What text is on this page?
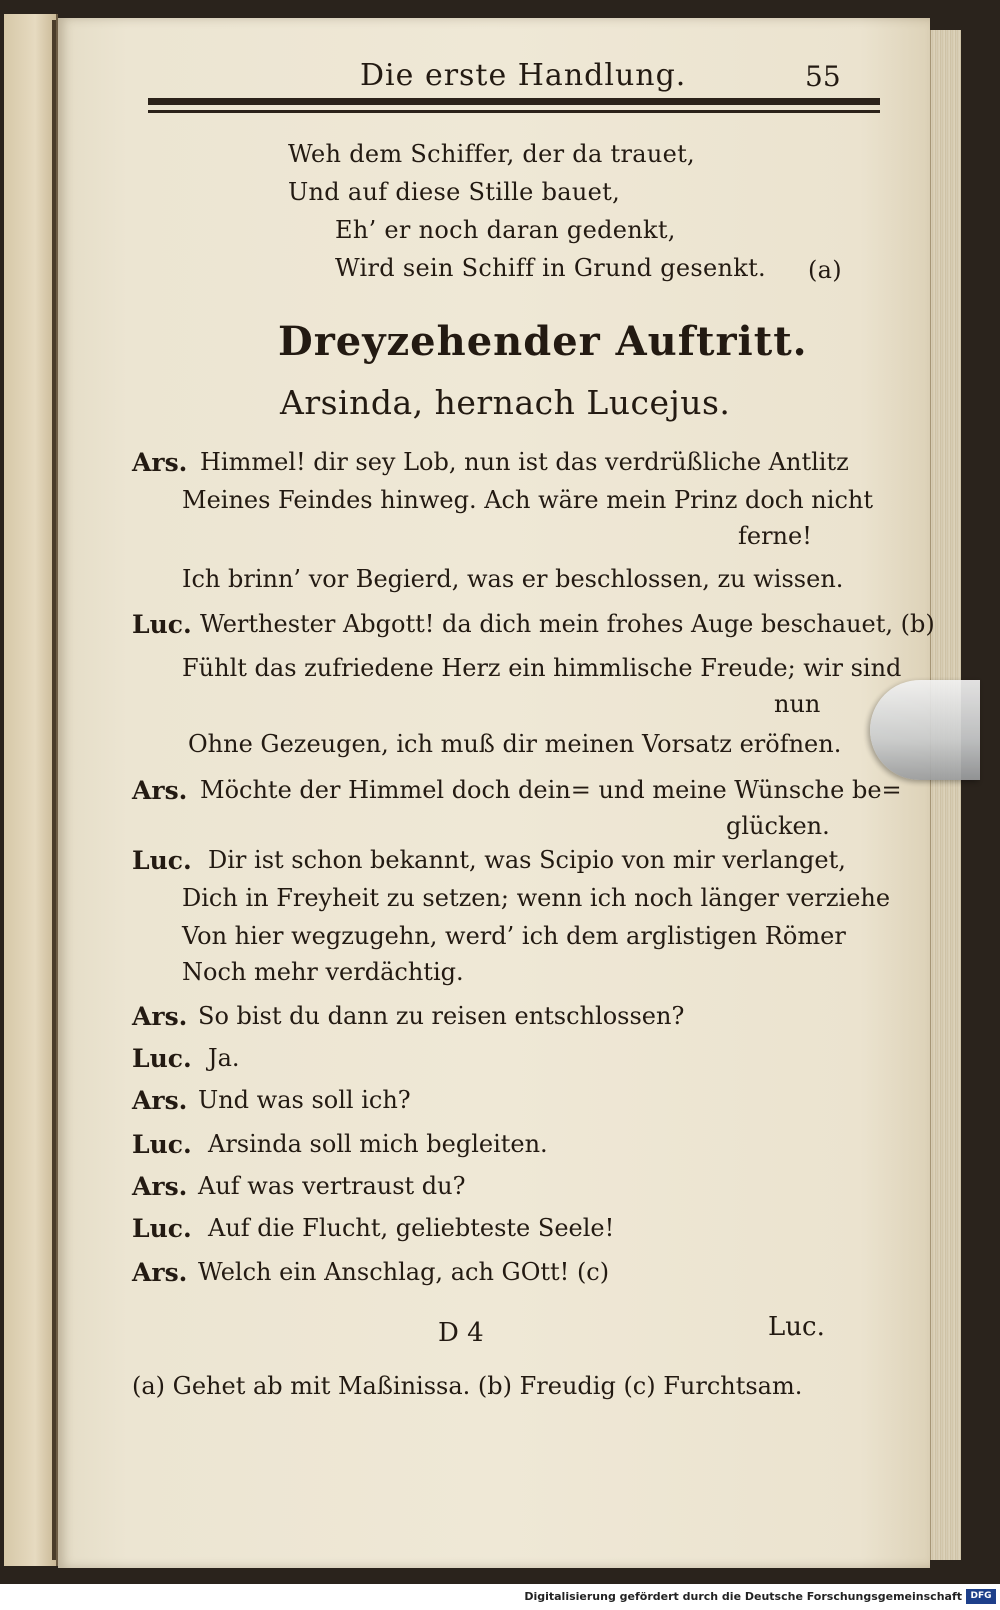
Die erste Handlung.	55
Weh dem Schiffer, der da trauet,
Und auf diese Stille bauet,
Eh’ er noch daran gedenkt,
Wird sein Schiff in Grund gesenkt. (a)
Dreyzehender Auftritt.
Arsinda, hernach Lucejus.
Ars. Himmel! dir sey Lob, nun ist das verdrüßliche Antlitz
Meines Feindes hinweg. Ach wäre mein Prinz doch nicht
ferne!
Ich brinn’ vor Begierd, was er beschlossen, zu wissen.
Luc. Werthester Abgott! da dich mein frohes Auge beschauet, (b)
Fühlt das zufriedene Herz ein himmlische Freude; wir sind
nun
Ohne Gezeugen, ich muß dir meinen Vorsatz eröfnen.
Ars. Möchte der Himmel doch dein= und meine Wünsche be=
glücken.
Luc. Dir ist schon bekannt, was Scipio von mir verlanget,
Dich in Freyheit zu setzen; wenn ich noch länger verziehe
Von hier wegzugehn, werd’ ich dem arglistigen Römer
Noch mehr verdächtig.
Ars. So bist du dann zu reisen entschlossen?
Luc. Ja.
Ars. Und was soll ich?
Luc. Arsinda soll mich begleiten.
Ars. Auf was vertraust du?
Luc. Auf die Flucht, geliebteste Seele!
Ars. Welch ein Anschlag, ach GOtt! (c)
D 4	Luc.
(a) Gehet ab mit Maßinissa. (b) Freudig (c) Furchtsam.
Digitalisierung gefördert durch die Deutsche Forschungsgemeinschaft DFG
